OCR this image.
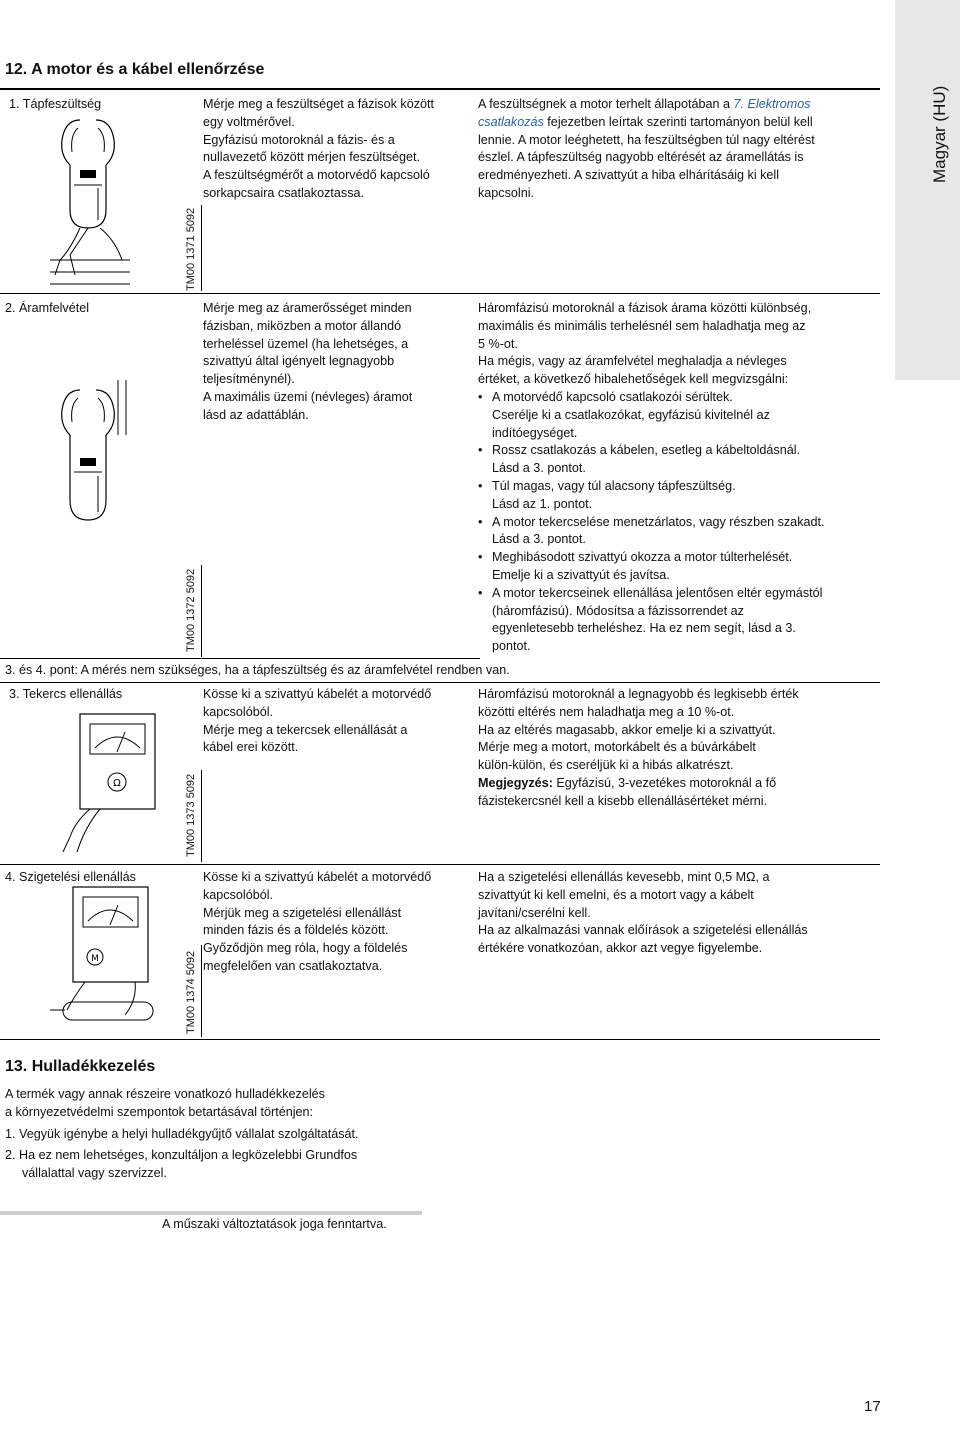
Magyar (HU)
12. A motor és a kábel ellenőrzése
1. Tápfeszültség
TM00 1371 5092
Mérje meg a feszültséget a fázisok között
egy voltmérővel.
Egyfázisú motoroknál a fázis- és a
nullavezető között mérjen feszültséget.
A feszültségmérőt a motorvédő kapcsoló
sorkapcsaira csatlakoztassa.
A feszültségnek a motor terhelt állapotában a 7. Elektromos
csatlakozás fejezetben leírtak szerinti tartományon belül kell
lennie. A motor leéghetett, ha feszültségben túl nagy eltérést
észlel. A tápfeszültség nagyobb eltérését az áramellátás is
eredményezheti. A szivattyút a hiba elhárításáig ki kell
kapcsolni.
2. Áramfelvétel
TM00 1372 5092
Mérje meg az áramerősséget minden
fázisban, miközben a motor állandó
terheléssel üzemel (ha lehetséges, a
szivattyú által igényelt legnagyobb
teljesítménynél).
A maximális üzemi (névleges) áramot
lásd az adattáblán.
Háromfázisú motoroknál a fázisok árama közötti különbség,
maximális és minimális terhelésnél sem haladhatja meg az
5 %-ot.
Ha mégis, vagy az áramfelvétel meghaladja a névleges
értéket, a következő hibalehetőségek kell megvizsgálni:
• A motorvédő kapcsoló csatlakozói sérültek.
Cserélje ki a csatlakozókat, egyfázisú kivitelnél az
indítóegységet.
• Rossz csatlakozás a kábelen, esetleg a kábeltoldásnál.
Lásd a 3. pontot.
• Túl magas, vagy túl alacsony tápfeszültség.
Lásd az 1. pontot.
• A motor tekercselése menetzárlatos, vagy részben szakadt.
Lásd a 3. pontot.
• Meghibásodott szivattyú okozza a motor túlterhelését.
Emelje ki a szivattyút és javítsa.
• A motor tekercseinek ellenállása jelentősen eltér egymástól
(háromfázisú). Módosítsa a fázissorrendet az
egyenletesebb terheléshez. Ha ez nem segít, lásd a 3.
pontot.
3. és 4. pont: A mérés nem szükséges, ha a tápfeszültség és az áramfelvétel rendben van.
3. Tekercs ellenállás
Ω	TM00 1373 5092
Kösse ki a szivattyú kábelét a motorvédő
kapcsolóból.
Mérje meg a tekercsek ellenállását a
kábel erei között.
Háromfázisú motoroknál a legnagyobb és legkisebb érték
közötti eltérés nem haladhatja meg a 10 %-ot.
Ha az eltérés magasabb, akkor emelje ki a szivattyút.
Mérje meg a motort, motorkábelt és a búvárkábelt
külön-külön, és cseréljük ki a hibás alkatrészt.
Megjegyzés: Egyfázisú, 3-vezetékes motoroknál a fő
fázistekercsnél kell a kisebb ellenállásértéket mérni.
4. Szigetelési ellenállás
M	TM00 1374 5092
Kösse ki a szivattyú kábelét a motorvédő
kapcsolóból.
Mérjük meg a szigetelési ellenállást
minden fázis és a földelés között.
Győződjön meg róla, hogy a földelés
megfelelően van csatlakoztatva.
Ha a szigetelési ellenállás kevesebb, mint 0,5 MΩ, a
szivattyút ki kell emelni, és a motort vagy a kábelt
javítani/cserélni kell.
Ha az alkalmazási vannak előírások a szigetelési ellenállás
értékére vonatkozóan, akkor azt vegye figyelembe.
13. Hulladékkezelés
A termék vagy annak részeire vonatkozó hulladékkezelés
a környezetvédelmi szempontok betartásával történjen:
1. Vegyük igénybe a helyi hulladékgyűjtő vállalat szolgáltatását.
2. Ha ez nem lehetséges, konzultáljon a legközelebbi Grundfos
vállalattal vagy szervizzel.
A műszaki változtatások joga fenntartva.
17
